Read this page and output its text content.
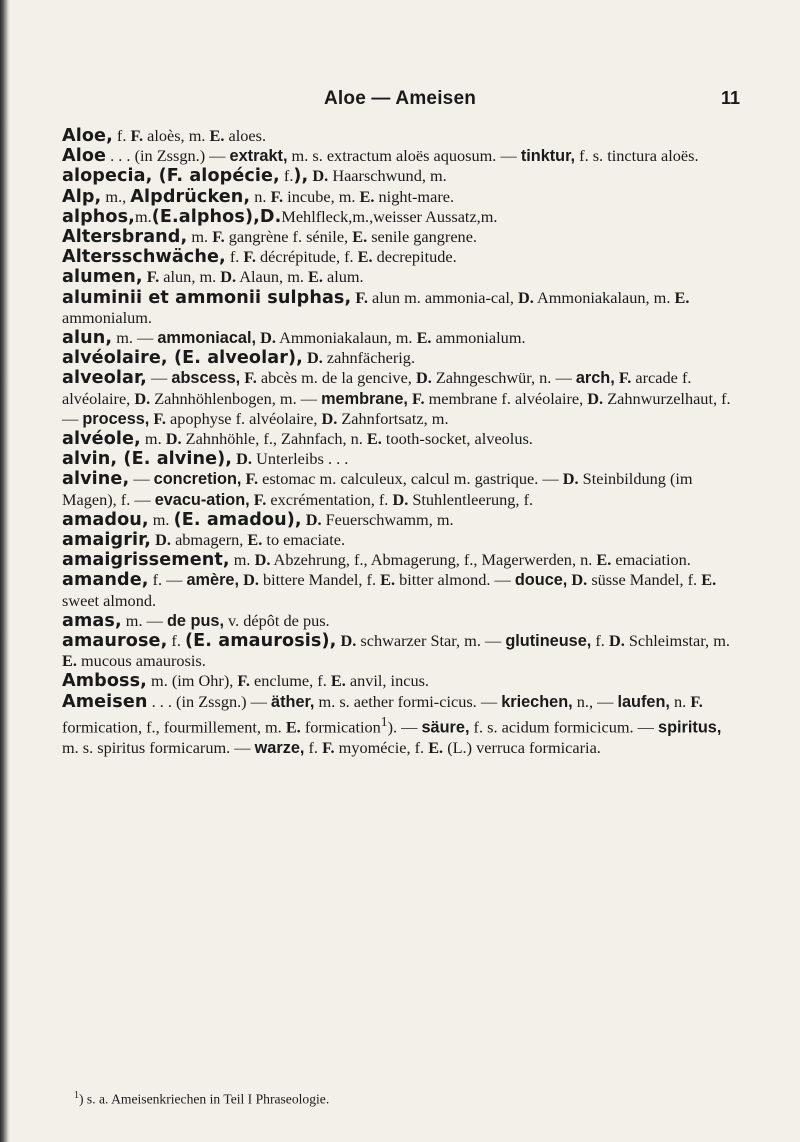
Aloe — Ameisen	11

Aloe, f. F. aloès, m. E. aloes.

Aloe . . . (in Zssgn.) — extrakt, m. s. extractum aloës aquosum. — tinktur, f. s. tinctura aloës.

alopecia, (F. alopécie, f.), D. Haarschwund, m.

Alp, m., Alpdrücken, n. F. incube, m. E. night-mare.

alphos,m.(E.alphos),D.Mehlfleck,m.,weisser Aussatz,m.

Altersbrand, m. F. gangrène f. sénile, E. senile gangrene.

Altersschwäche, f. F. décrépitude, f. E. decrepitude.

alumen, F. alun, m. D. Alaun, m. E. alum.

aluminii et ammonii sulphas, F. alun m. ammonia-cal, D. Ammoniakalaun, m. E. ammonialum.

alun, m. — ammoniacal, D. Ammoniakalaun, m. E. ammonialum.

alvéolaire, (E. alveolar), D. zahnfächerig.

alveolar, — abscess, F. abcès m. de la gencive, D. Zahngeschwür, n. — arch, F. arcade f. alvéolaire, D. Zahnhöhlenbogen, m. — membrane, F. membrane f. alvéolaire, D. Zahnwurzelhaut, f. — process, F. apophyse f. alvéolaire, D. Zahnfortsatz, m.

alvéole, m. D. Zahnhöhle, f., Zahnfach, n. E. tooth-socket, alveolus.

alvin, (E. alvine), D. Unterleibs . . .

alvine, — concretion, F. estomac m. calculeux, calcul m. gastrique. — D. Steinbildung (im Magen), f. — evacu-ation, F. excrémentation, f. D. Stuhlentleerung, f.

amadou, m. (E. amadou), D. Feuerschwamm, m.

amaigrir, D. abmagern, E. to emaciate.

amaigrissement, m. D. Abzehrung, f., Abmagerung, f., Magerwerden, n. E. emaciation.

amande, f. — amère, D. bittere Mandel, f. E. bitter almond. — douce, D. süsse Mandel, f. E. sweet almond.

amas, m. — de pus, v. dépôt de pus.

amaurose, f. (E. amaurosis), D. schwarzer Star, m. — glutineuse, f. D. Schleimstar, m. E. mucous amaurosis.

Amboss, m. (im Ohr), F. enclume, f. E. anvil, incus.

Ameisen . . . (in Zssgn.) — äther, m. s. aether formi-cicus. — kriechen, n., — laufen, n. F. formication, f., fourmillement, m. E. formication$^1$). — säure, f. s. acidum formicicum. — spiritus, m. s. spiritus formicarum. — warze, f. F. myomécie, f. E. (L.) verruca formicaria.

$^1$) s. a. Ameisenkriechen in Teil I Phraseologie.
